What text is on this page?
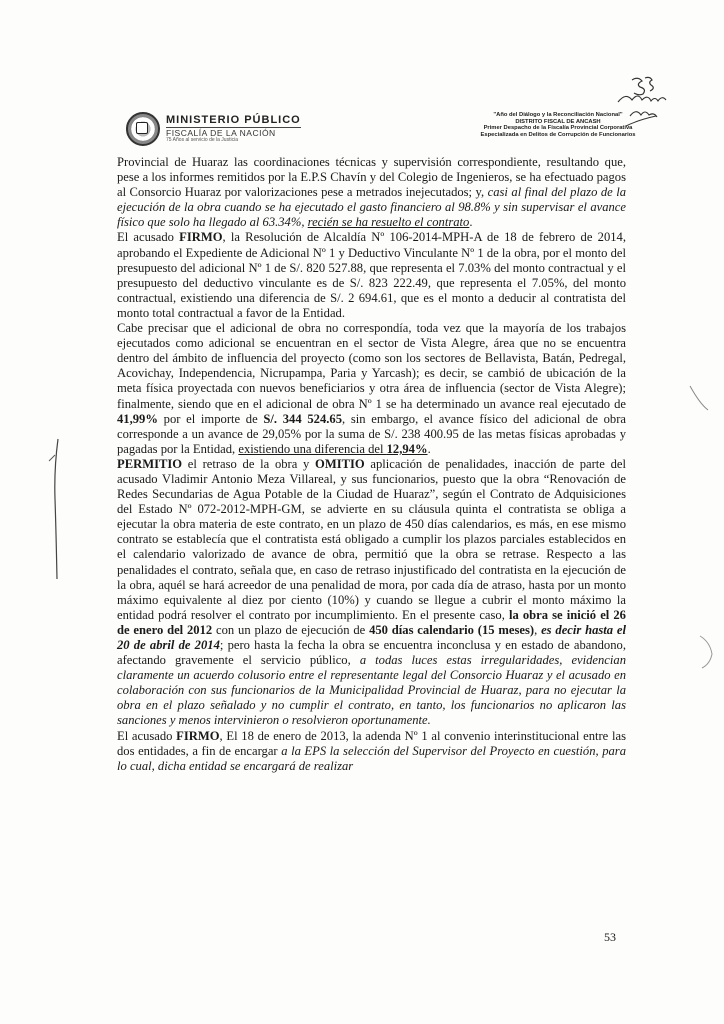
MINISTERIO PÚBLICO
FISCALÍA DE LA NACIÓN
75 Años al servicio de la Justicia
"Año del Diálogo y la Reconciliación Nacional"
DISTRITO FISCAL DE ANCASH
Primer Despacho de la Fiscalía Provincial Corporativa
Especializada en Delitos de Corrupción de Funcionarios

Provincial de Huaraz las coordinaciones técnicas y supervisión correspondiente, resultando que, pese a los informes remitidos por la E.P.S Chavín y del Colegio de Ingenieros, se ha efectuado pagos al Consorcio Huaraz por valorizaciones pese a metrados inejecutados; y, casi al final del plazo de la ejecución de la obra cuando se ha ejecutado el gasto financiero al 98.8% y sin supervisar el avance físico que solo ha llegado al 63.34%, recién se ha resuelto el contrato.

El acusado FIRMO, la Resolución de Alcaldía Nº 106-2014-MPH-A de 18 de febrero de 2014, aprobando el Expediente de Adicional Nº 1 y Deductivo Vinculante Nº 1 de la obra, por el monto del presupuesto del adicional Nº 1 de S/. 820 527.88, que representa el 7.03% del monto contractual y el presupuesto del deductivo vinculante es de S/. 823 222.49, que representa el 7.05%, del monto contractual, existiendo una diferencia de S/. 2 694.61, que es el monto a deducir al contratista del monto total contractual a favor de la Entidad.

Cabe precisar que el adicional de obra no correspondía, toda vez que la mayoría de los trabajos ejecutados como adicional se encuentran en el sector de Vista Alegre, área que no se encuentra dentro del ámbito de influencia del proyecto (como son los sectores de Bellavista, Batán, Pedregal, Acovichay, Independencia, Nicrupampa, Paria y Yarcash); es decir, se cambió de ubicación de la meta física proyectada con nuevos beneficiarios y otra área de influencia (sector de Vista Alegre); finalmente, siendo que en el adicional de obra Nº 1 se ha determinado un avance real ejecutado de 41,99% por el importe de S/. 344 524.65, sin embargo, el avance físico del adicional de obra corresponde a un avance de 29,05% por la suma de S/. 238 400.95 de las metas físicas aprobadas y pagadas por la Entidad, existiendo una diferencia del 12,94%.

PERMITIO el retraso de la obra y OMITIO aplicación de penalidades, inacción de parte del acusado Vladimir Antonio Meza Villareal, y sus funcionarios, puesto que la obra “Renovación de Redes Secundarias de Agua Potable de la Ciudad de Huaraz”, según el Contrato de Adquisiciones del Estado Nº 072-2012-MPH-GM, se advierte en su cláusula quinta el contratista se obliga a ejecutar la obra materia de este contrato, en un plazo de 450 días calendarios, es más, en ese mismo contrato se establecía que el contratista está obligado a cumplir los plazos parciales establecidos en el calendario valorizado de avance de obra, permitió que la obra se retrase. Respecto a las penalidades el contrato, señala que, en caso de retraso injustificado del contratista en la ejecución de la obra, aquél se hará acreedor de una penalidad de mora, por cada día de atraso, hasta por un monto máximo equivalente al diez por ciento (10%) y cuando se llegue a cubrir el monto máximo la entidad podrá resolver el contrato por incumplimiento. En el presente caso, la obra se inició el 26 de enero del 2012 con un plazo de ejecución de 450 días calendario (15 meses), es decir hasta el 20 de abril de 2014; pero hasta la fecha la obra se encuentra inconclusa y en estado de abandono, afectando gravemente el servicio público, a todas luces estas irregularidades, evidencian claramente un acuerdo colusorio entre el representante legal del Consorcio Huaraz y el acusado en colaboración con sus funcionarios de la Municipalidad Provincial de Huaraz, para no ejecutar la obra en el plazo señalado y no cumplir el contrato, en tanto, los funcionarios no aplicaron las sanciones y menos intervinieron o resolvieron oportunamente.

El acusado FIRMO, El 18 de enero de 2013, la adenda Nº 1 al convenio interinstitucional entre las dos entidades, a fin de encargar a la EPS la selección del Supervisor del Proyecto en cuestión, para lo cual, dicha entidad se encargará de realizar

53
